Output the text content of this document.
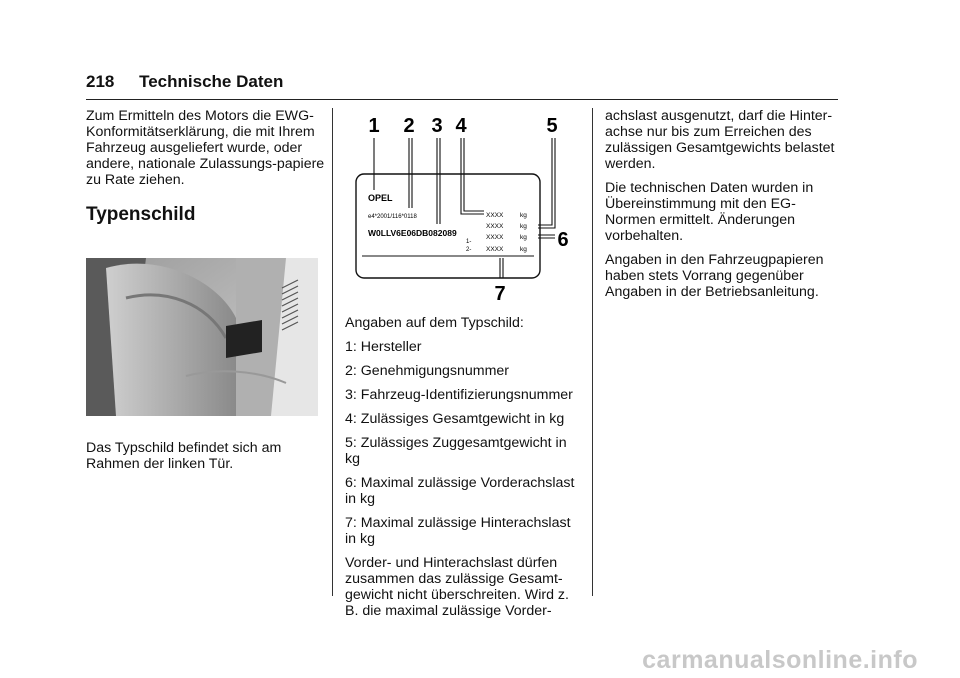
218 Technische Daten

Zum Ermitteln des Motors die EWG-Konformitätserklärung, die mit Ihrem Fahrzeug ausgeliefert wurde, oder andere, nationale Zulassungs-papiere zu Rate ziehen.

Typenschild
Das Typschild befindet sich am Rahmen der linken Tür.
1 2 3 4	5
6
7
OPEL
e4*2001/116*0118
W0LLV6E06DB082089
1-
2-
XXXX	kg
XXXX	kg
XXXX	kg
XXXX	kg

Angaben auf dem Typschild:

1: Hersteller

2: Genehmigungsnummer

3: Fahrzeug-Identifizierungsnummer

4: Zulässiges Gesamtgewicht in kg

5: Zulässiges Zuggesamtgewicht in kg

6: Maximal zulässige Vorderachslast in kg

7: Maximal zulässige Hinterachslast in kg

Vorder- und Hinterachslast dürfen zusammen das zulässige Gesamt-gewicht nicht überschreiten. Wird z. B. die maximal zulässige Vorder-

achslast ausgenutzt, darf die Hinter-achse nur bis zum Erreichen des zulässigen Gesamtgewichts belastet werden.

Die technischen Daten wurden in Übereinstimmung mit den EG-Normen ermittelt. Änderungen vorbehalten.

Angaben in den Fahrzeugpapieren haben stets Vorrang gegenüber Angaben in der Betriebsanleitung.

carmanualsonline.info
